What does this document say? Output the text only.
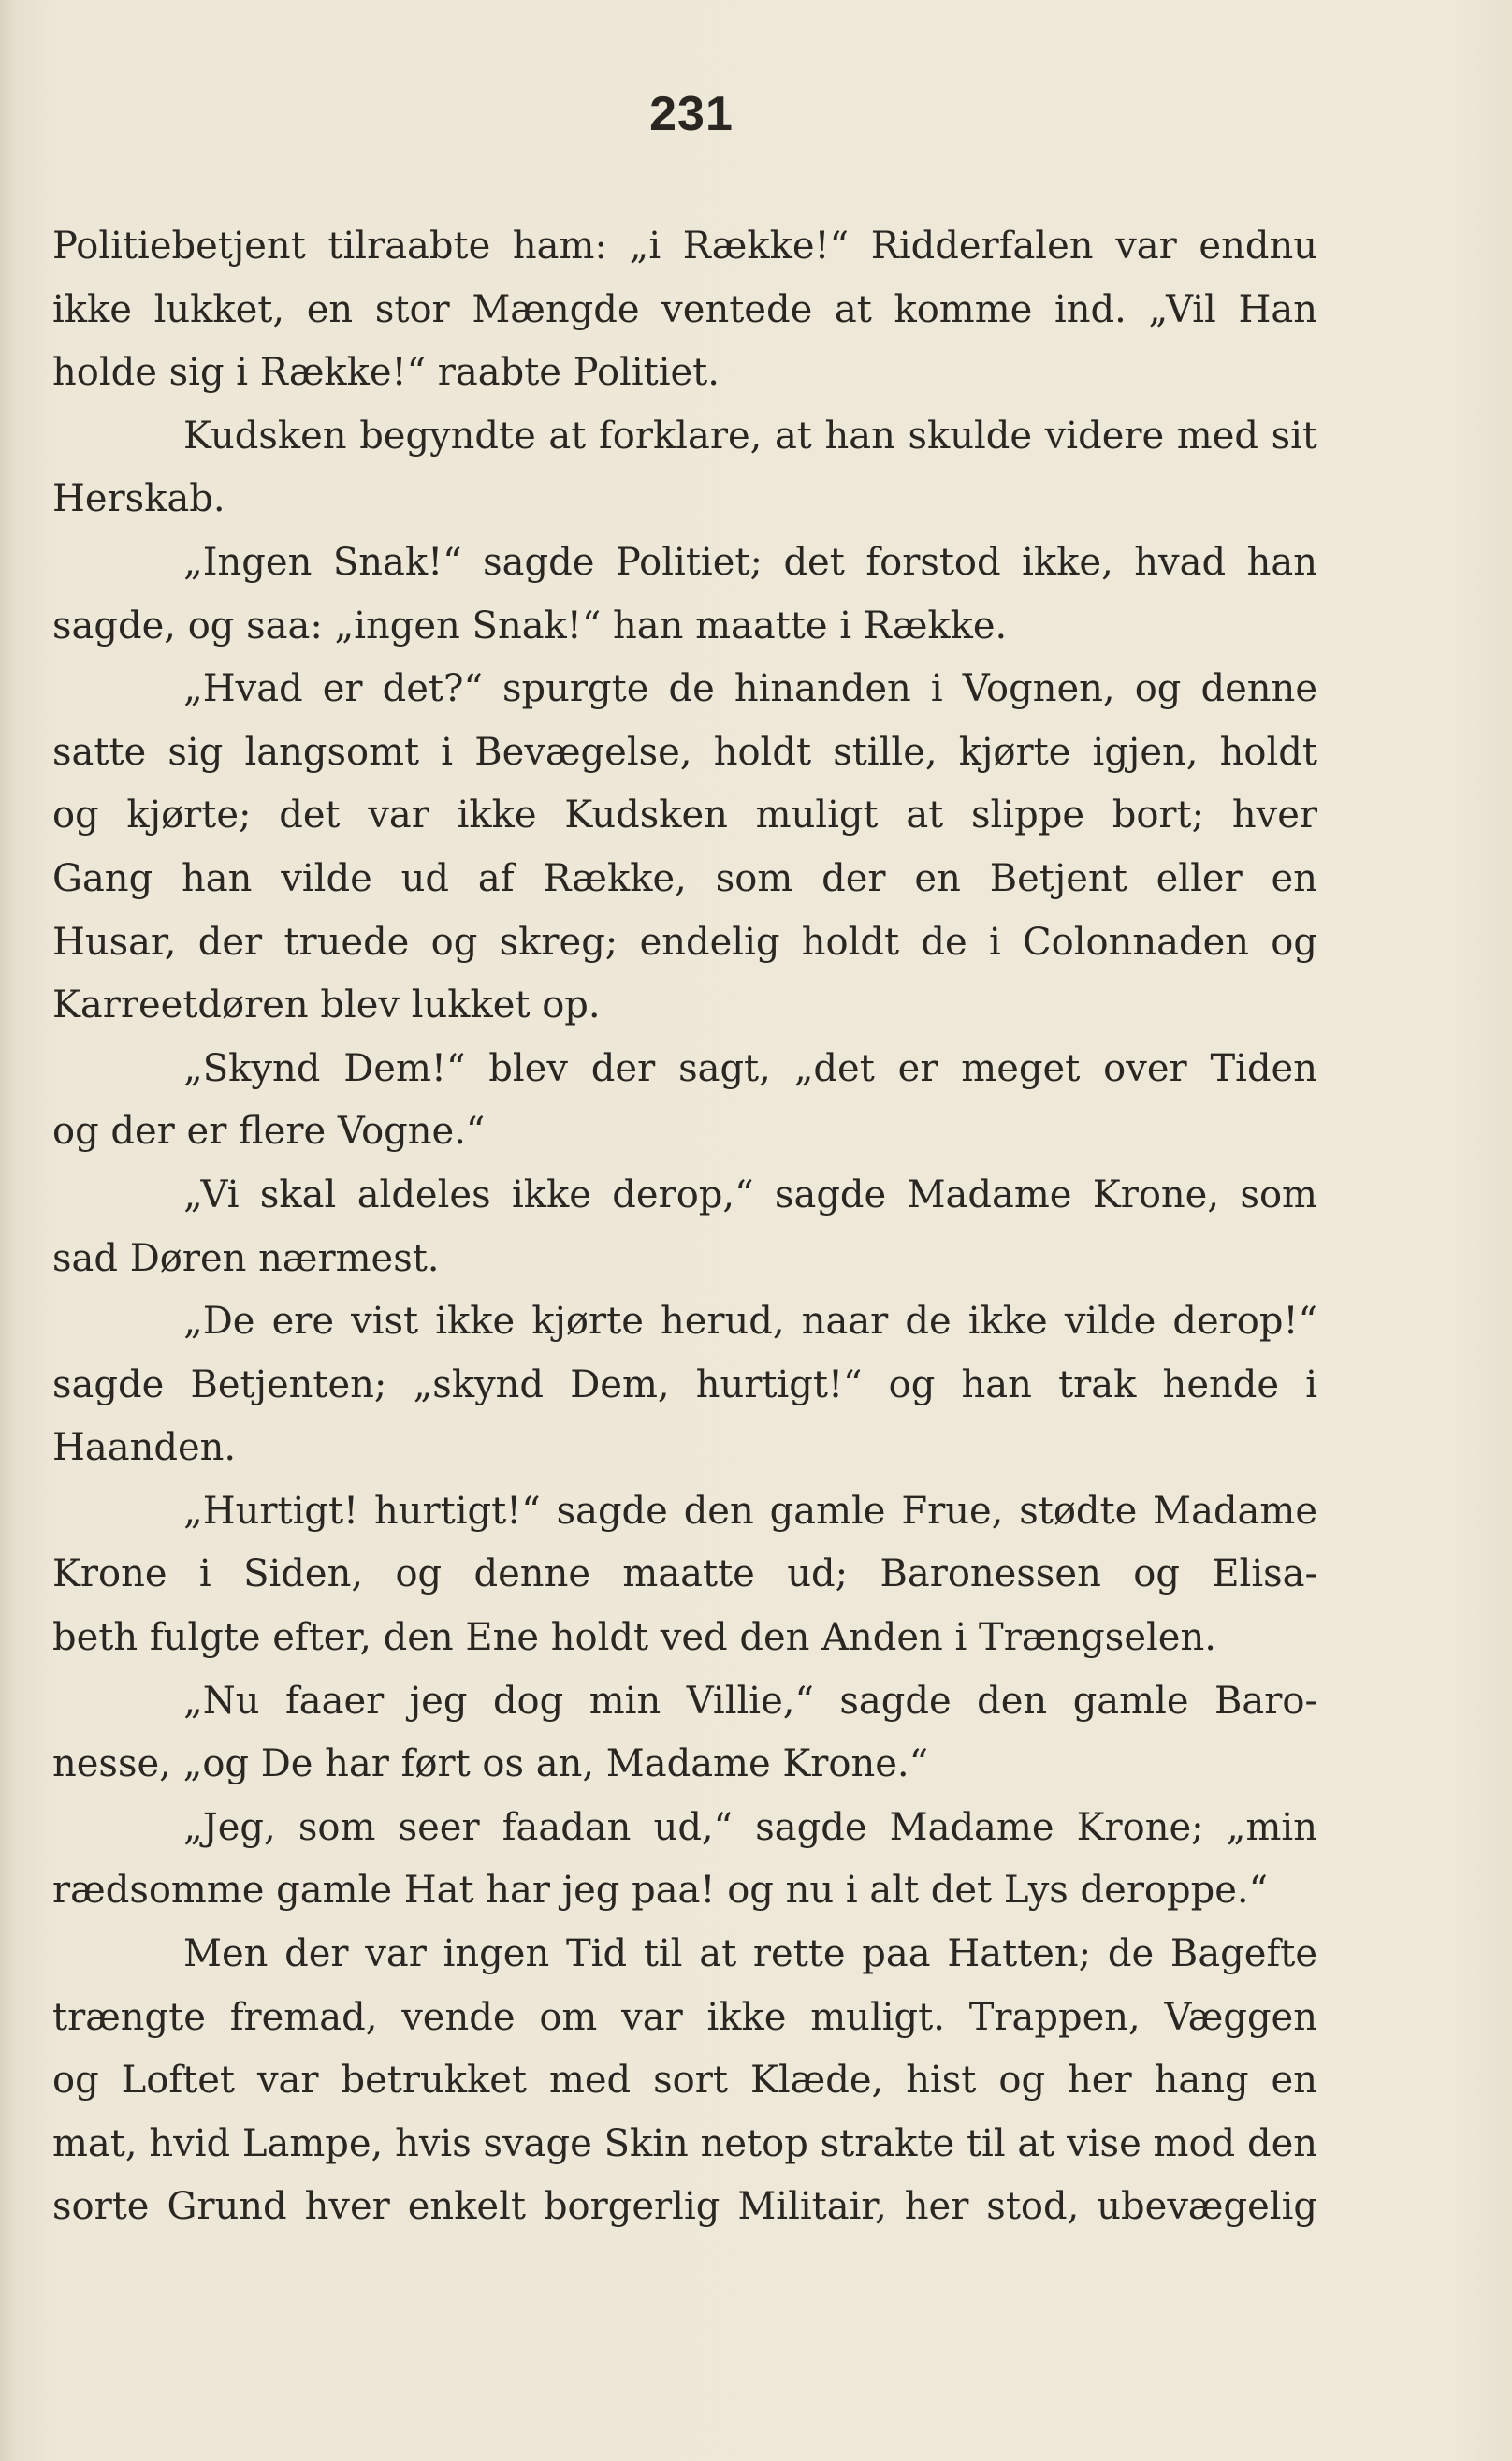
231
Politiebetjent tilraabte ham: „i Række!“ Ridderfalen var endnu
ikke lukket, en stor Mængde ventede at komme ind. „Vil Han
holde sig i Række!“ raabte Politiet.
Kudsken begyndte at forklare, at han skulde videre med sit
Herskab.
„Ingen Snak!“ sagde Politiet; det forstod ikke, hvad han
sagde, og saa: „ingen Snak!“ han maatte i Række.
„Hvad er det?“ spurgte de hinanden i Vognen, og denne
satte sig langsomt i Bevægelse, holdt stille, kjørte igjen, holdt
og kjørte; det var ikke Kudsken muligt at slippe bort; hver
Gang han vilde ud af Række, som der en Betjent eller en
Husar, der truede og skreg; endelig holdt de i Colonnaden og
Karreetdøren blev lukket op.
„Skynd Dem!“ blev der sagt, „det er meget over Tiden
og der er flere Vogne.“
„Vi skal aldeles ikke derop,“ sagde Madame Krone, som
sad Døren nærmest.
„De ere vist ikke kjørte herud, naar de ikke vilde derop!“
sagde Betjenten; „skynd Dem, hurtigt!“ og han trak hende i
Haanden.
„Hurtigt! hurtigt!“ sagde den gamle Frue, stødte Madame
Krone i Siden, og denne maatte ud; Baronessen og Elisa-
beth fulgte efter, den Ene holdt ved den Anden i Trængselen.
„Nu faaer jeg dog min Villie,“ sagde den gamle Baro-
nesse, „og De har ført os an, Madame Krone.“
„Jeg, som seer faadan ud,“ sagde Madame Krone; „min
rædsomme gamle Hat har jeg paa! og nu i alt det Lys deroppe.“
Men der var ingen Tid til at rette paa Hatten; de Bagefte
trængte fremad, vende om var ikke muligt. Trappen, Væggen
og Loftet var betrukket med sort Klæde, hist og her hang en
mat, hvid Lampe, hvis svage Skin netop strakte til at vise mod den
sorte Grund hver enkelt borgerlig Militair, her stod, ubevægelig
